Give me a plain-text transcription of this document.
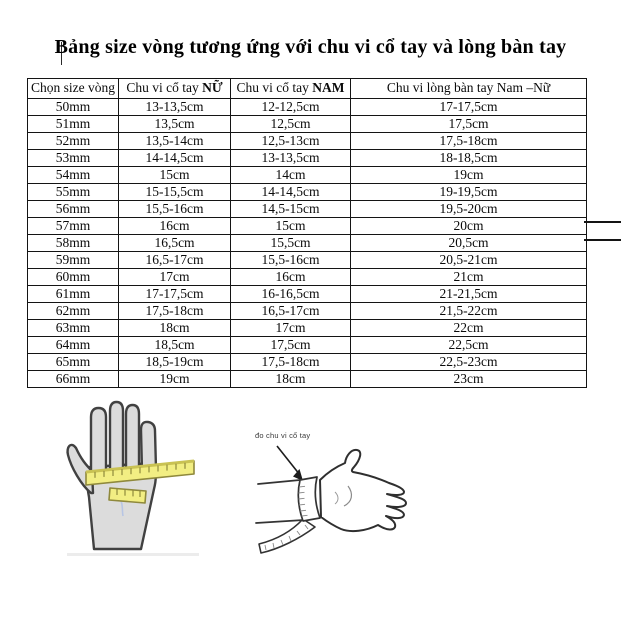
Bảng size vòng tương ứng với chu vi cổ tay và lòng bàn tay
Chọn size vòng	Chu vi cổ tay NỮ	Chu vi cổ tay NAM	Chu vi lòng bàn tay Nam –Nữ
50mm	13-13,5cm	12-12,5cm	17-17,5cm
51mm	13,5cm	12,5cm	17,5cm
52mm	13,5-14cm	12,5-13cm	17,5-18cm
53mm	14-14,5cm	13-13,5cm	18-18,5cm
54mm	15cm	14cm	19cm
55mm	15-15,5cm	14-14,5cm	19-19,5cm
56mm	15,5-16cm	14,5-15cm	19,5-20cm
57mm	16cm	15cm	20cm
58mm	16,5cm	15,5cm	20,5cm
59mm	16,5-17cm	15,5-16cm	20,5-21cm
60mm	17cm	16cm	21cm
61mm	17-17,5cm	16-16,5cm	21-21,5cm
62mm	17,5-18cm	16,5-17cm	21,5-22cm
63mm	18cm	17cm	22cm
64mm	18,5cm	17,5cm	22,5cm
65mm	18,5-19cm	17,5-18cm	22,5-23cm
66mm	19cm	18cm	23cm
đo chu vi cổ tay
